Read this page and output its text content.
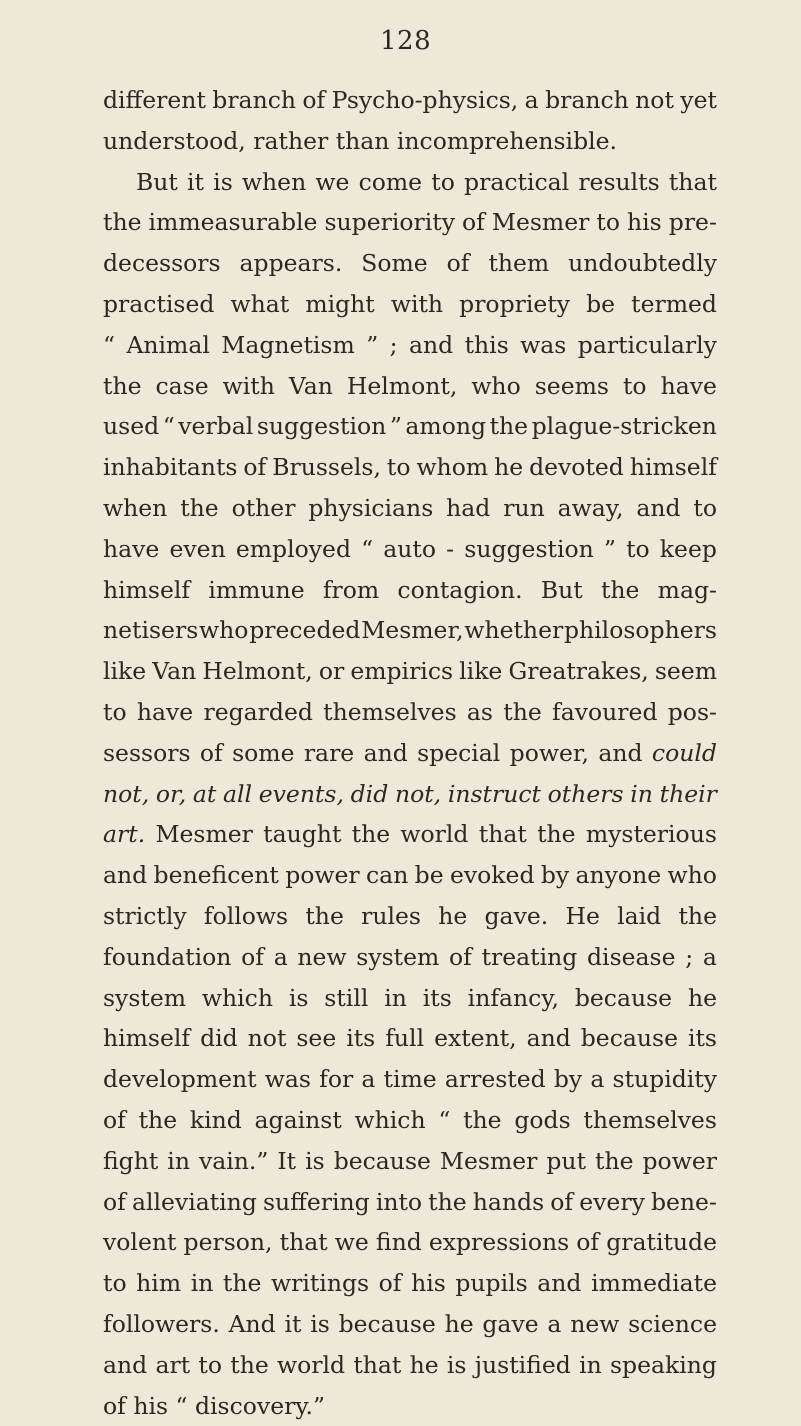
128
different branch of Psycho-physics, a branch not yet
understood, rather than incomprehensible.
But it is when we come to practical results that
the immeasurable superiority of Mesmer to his pre-
decessors appears. Some of them undoubtedly
practised what might with propriety be termed
“ Animal Magnetism ” ; and this was particularly
the case with Van Helmont, who seems to have
used “ verbal suggestion ” among the plague-stricken
inhabitants of Brussels, to whom he devoted himself
when the other physicians had run away, and to
have even employed “ auto - suggestion ” to keep
himself immune from contagion. But the mag-
netisers who preceded Mesmer, whether philosophers
like Van Helmont, or empirics like Greatrakes, seem
to have regarded themselves as the favoured pos-
sessors of some rare and special power, and could
not, or, at all events, did not, instruct others in their
art. Mesmer taught the world that the mysterious
and beneficent power can be evoked by anyone who
strictly follows the rules he gave. He laid the
foundation of a new system of treating disease ; a
system which is still in its infancy, because he
himself did not see its full extent, and because its
development was for a time arrested by a stupidity
of the kind against which “ the gods themselves
fight in vain.” It is because Mesmer put the power
of alleviating suffering into the hands of every bene-
volent person, that we find expressions of gratitude
to him in the writings of his pupils and immediate
followers. And it is because he gave a new science
and art to the world that he is justified in speaking
of his “ discovery.”
